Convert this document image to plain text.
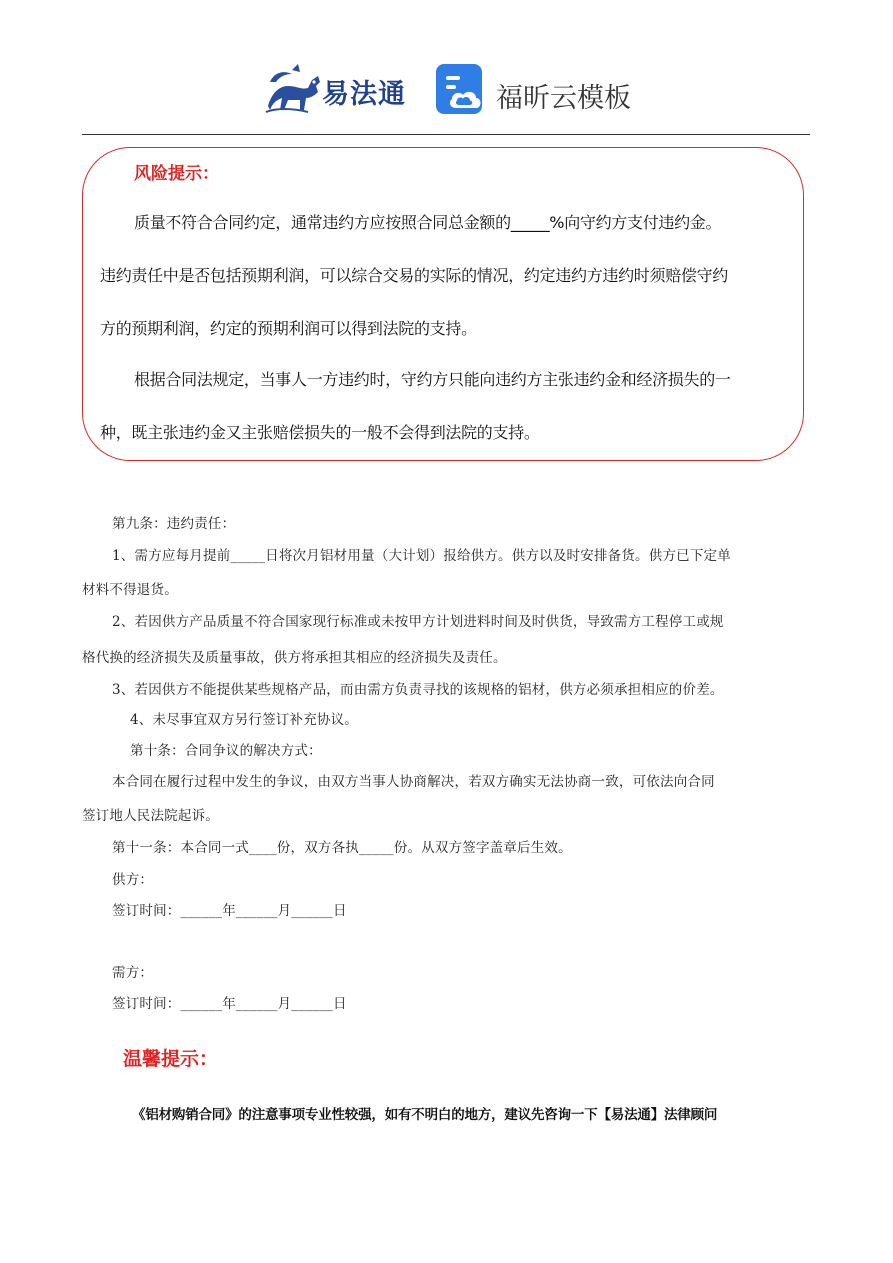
易法通	福昕云模板
风险提示：
质量不符合合同约定，通常违约方应按照合同总金额的_____%向守约方支付违约金。
违约责任中是否包括预期利润，可以综合交易的实际的情况，约定违约方违约时须赔偿守约
方的预期利润，约定的预期利润可以得到法院的支持。
根据合同法规定，当事人一方违约时，守约方只能向违约方主张违约金和经济损失的一
种，既主张违约金又主张赔偿损失的一般不会得到法院的支持。
第九条：违约责任：
1、需方应每月提前_____日将次月铝材用量（大计划）报给供方。供方以及时安排备货。供方已下定单
材料不得退货。
2、若因供方产品质量不符合国家现行标准或未按甲方计划进料时间及时供货，导致需方工程停工或规
格代换的经济损失及质量事故，供方将承担其相应的经济损失及责任。
3、若因供方不能提供某些规格产品，而由需方负责寻找的该规格的铝材，供方必须承担相应的价差。
4、未尽事宜双方另行签订补充协议。
第十条：合同争议的解决方式：
本合同在履行过程中发生的争议，由双方当事人协商解决，若双方确实无法协商一致，可依法向合同
签订地人民法院起诉。
第十一条：本合同一式____份，双方各执_____份。从双方签字盖章后生效。
供方：
签订时间：______年______月______日
需方：
签订时间：______年______月______日
温馨提示：
《铝材购销合同》的注意事项专业性较强，如有不明白的地方，建议先咨询一下【易法通】法律顾问
